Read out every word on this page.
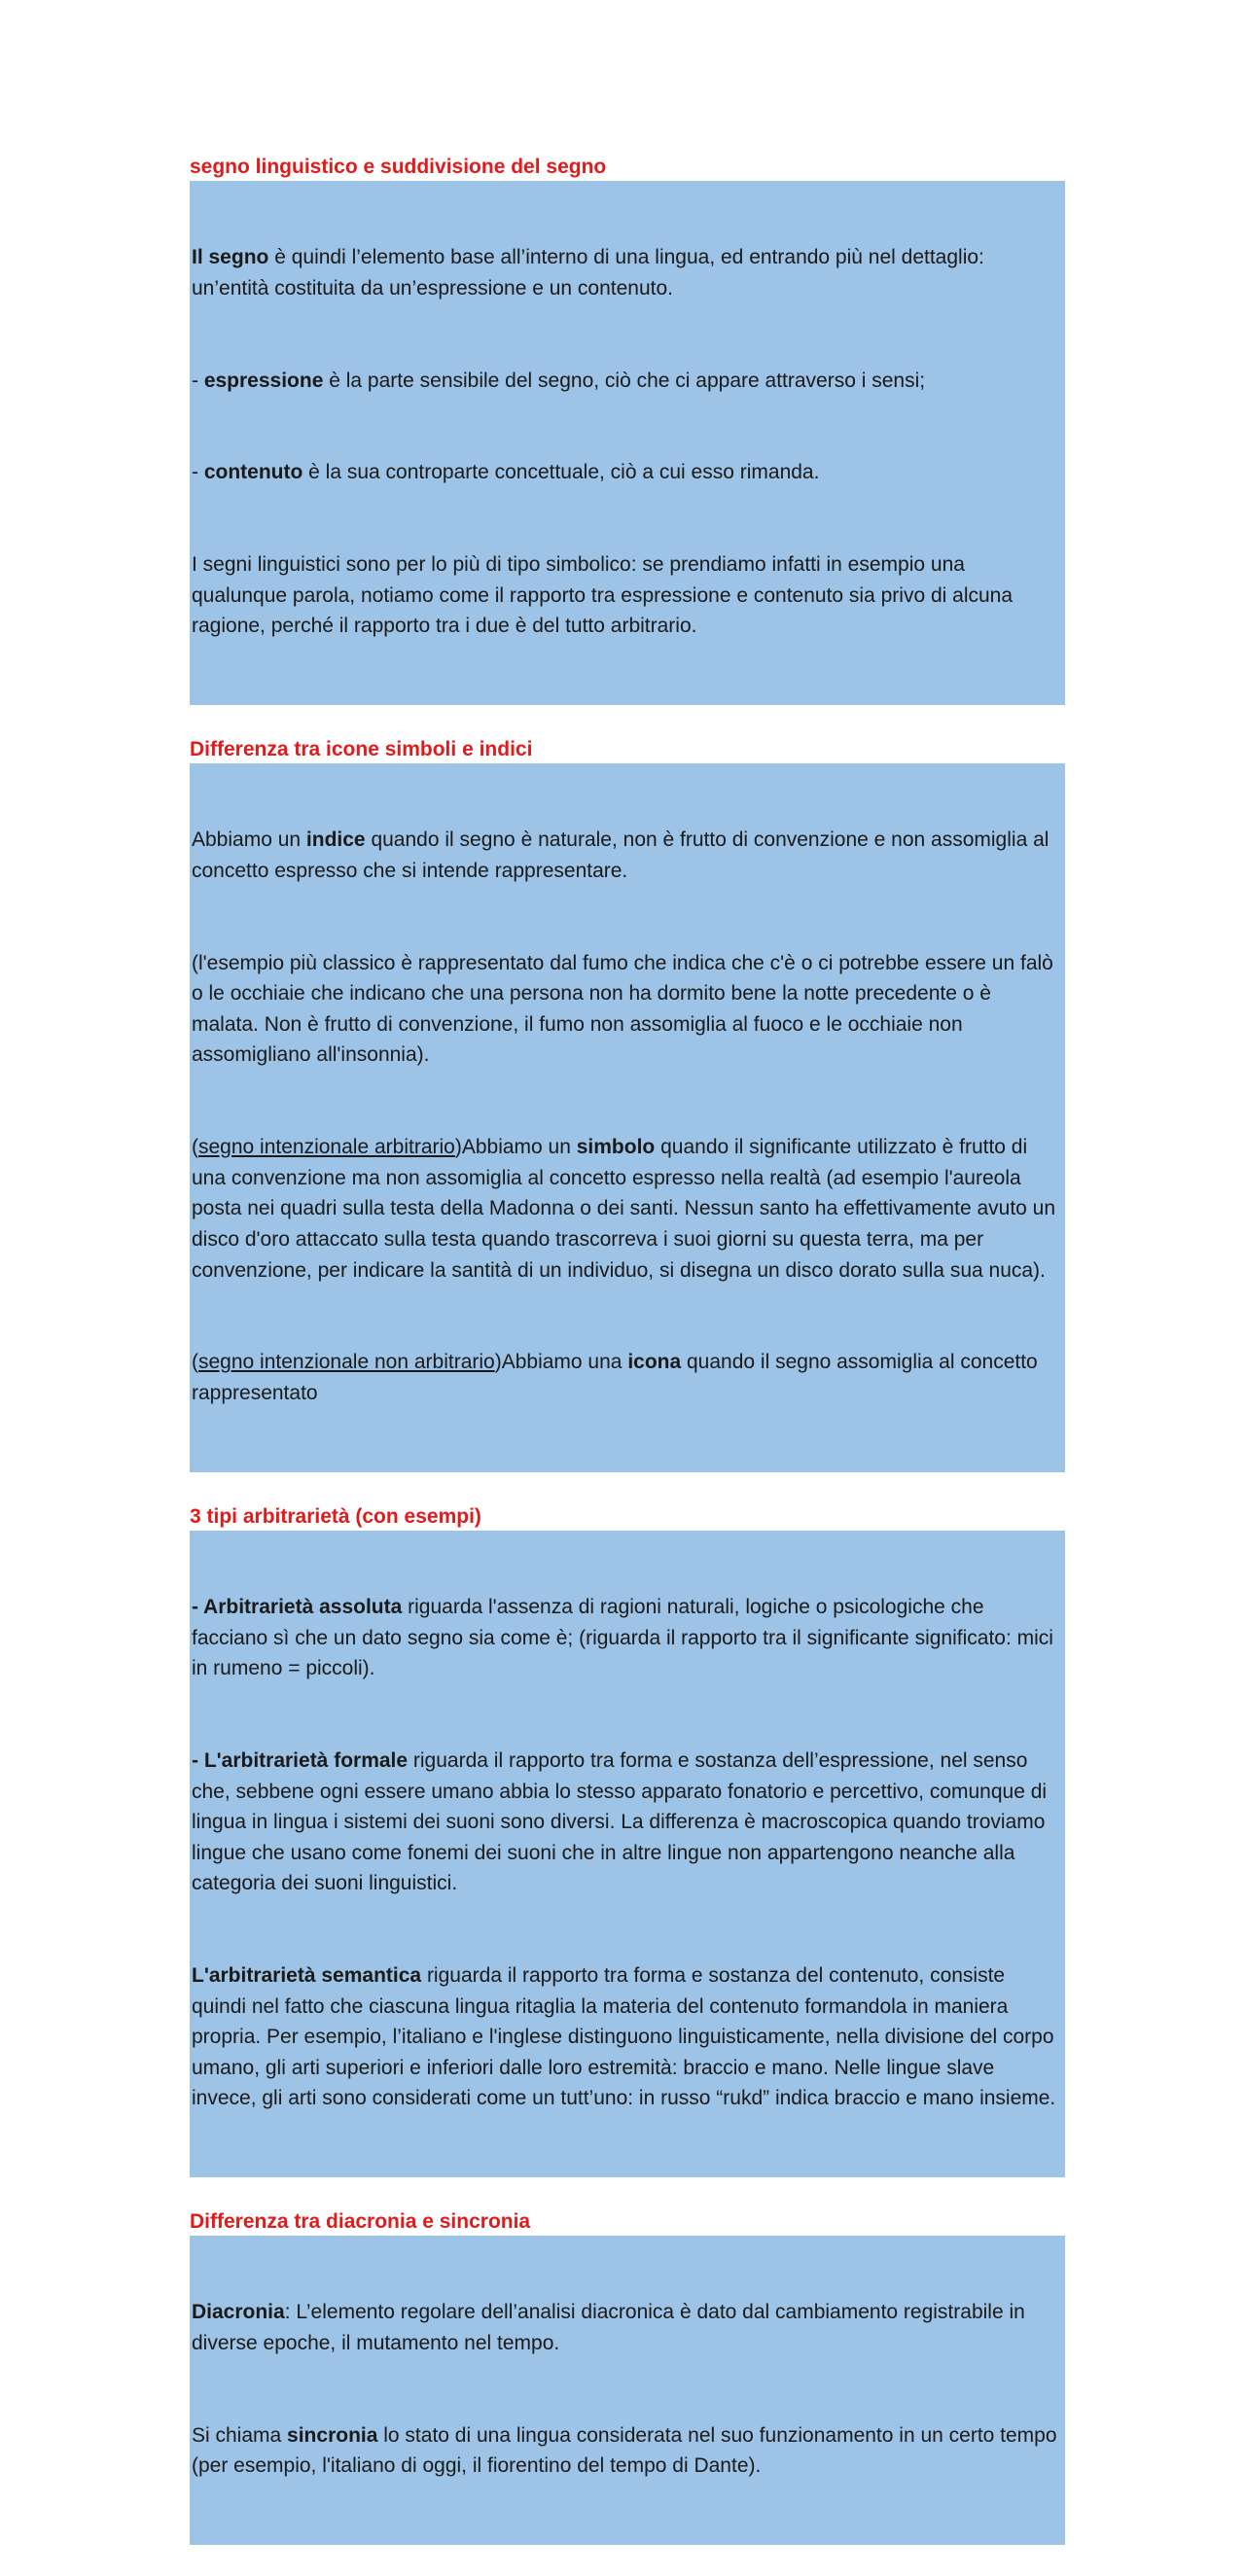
segno linguistico e suddivisione del segno

Il segno è quindi l’elemento base all’interno di una lingua, ed entrando più nel dettaglio:  un’entità costituita da un’espressione e un contenuto.

- espressione è la parte sensibile del segno, ciò che ci appare attraverso i sensi;

- contenuto è la sua controparte concettuale, ciò a cui esso rimanda.

I segni linguistici sono per lo più di tipo simbolico: se prendiamo infatti in esempio una qualunque parola, notiamo come il rapporto tra espressione e contenuto sia privo di alcuna ragione, perché il rapporto tra i due è del tutto arbitrario.

Differenza tra icone simboli e indici

Abbiamo un indice quando il segno è naturale, non è frutto di convenzione e non assomiglia al concetto espresso che si intende rappresentare.

(l'esempio più classico è rappresentato dal fumo che indica che c'è o ci potrebbe essere un falò o le occhiaie che indicano che una persona non ha dormito bene la notte precedente o è malata. Non è frutto di convenzione, il fumo non assomiglia al fuoco e le occhiaie non assomigliano all'insonnia).

(segno intenzionale arbitrario)Abbiamo un simbolo quando il significante utilizzato è frutto di una convenzione ma non assomiglia al concetto espresso nella realtà (ad esempio l'aureola posta nei quadri sulla testa della Madonna o dei santi. Nessun santo ha effettivamente avuto un disco d'oro attaccato sulla testa quando trascorreva i suoi giorni su questa terra, ma per convenzione, per indicare la santità di un individuo, si disegna un disco dorato sulla sua nuca).

(segno intenzionale non arbitrario)Abbiamo una icona quando il segno assomiglia al concetto rappresentato

3 tipi arbitrarietà (con esempi)

- Arbitrarietà assoluta riguarda l'assenza di ragioni naturali, logiche o psicologiche che facciano sì che un dato segno sia come è; (riguarda il rapporto tra il significante significato: mici in rumeno = piccoli).

- L'arbitrarietà formale riguarda il rapporto tra forma e sostanza dell’espressione, nel senso che, sebbene ogni essere umano abbia lo stesso apparato fonatorio e percettivo, comunque di lingua in lingua i sistemi dei suoni sono diversi. La differenza è macroscopica quando troviamo lingue che usano come fonemi dei suoni che in altre lingue non appartengono neanche alla categoria dei suoni linguistici.

L'arbitrarietà semantica riguarda il rapporto tra forma e sostanza del contenuto, consiste quindi nel fatto che ciascuna lingua ritaglia la materia del contenuto formandola in maniera propria. Per esempio, l’italiano e l'inglese distinguono linguisticamente, nella divisione del corpo umano, gli arti superiori e inferiori dalle loro estremità: braccio e mano. Nelle lingue slave invece, gli arti sono considerati come un tutt’uno: in russo “rukd” indica braccio e mano insieme.

Differenza tra diacronia e sincronia

Diacronia: L’elemento regolare dell’analisi diacronica è dato dal cambiamento registrabile in diverse epoche, il mutamento nel tempo.

Si chiama sincronia lo stato di una lingua considerata nel suo funzionamento in un certo tempo (per esempio, l'italiano di oggi, il fiorentino del tempo di Dante).
